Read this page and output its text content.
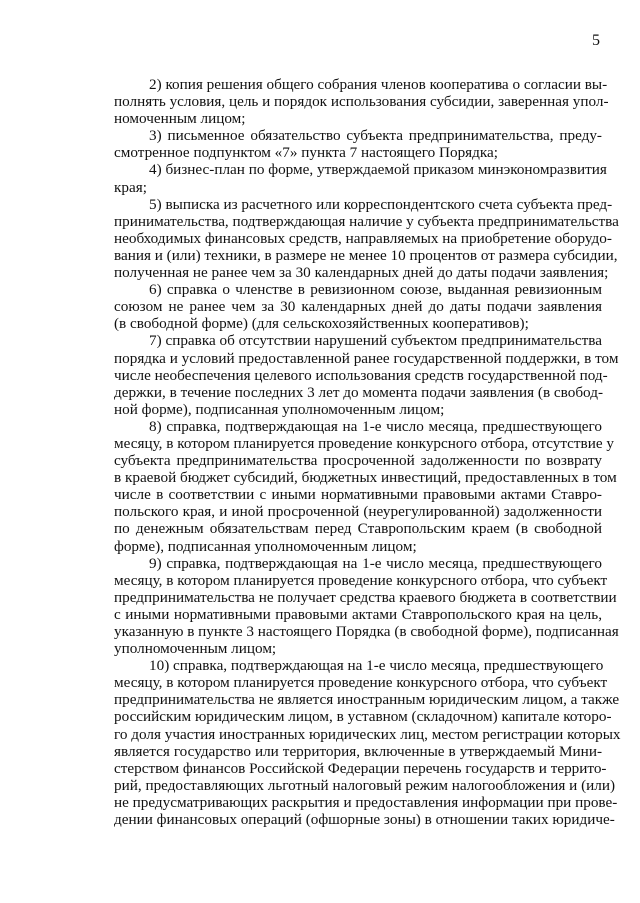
5

2) копия решения общего собрания членов кооператива о согласии вы-
полнять условия, цель и порядок использования субсидии, заверенная упол-
номоченным лицом;

3) письменное обязательство субъекта предпринимательства, преду-
смотренное подпунктом «7» пункта 7 настоящего Порядка;

4) бизнес-план по форме, утверждаемой приказом минэкономразвития
края;

5) выписка из расчетного или корреспондентского счета субъекта пред-
принимательства, подтверждающая наличие у субъекта предпринимательства
необходимых финансовых средств, направляемых на приобретение оборудо-
вания и (или) техники, в размере не менее 10 процентов от размера субсидии,
полученная не ранее чем за 30 календарных дней до даты подачи заявления;

6) справка о членстве в ревизионном союзе, выданная ревизионным
союзом не ранее чем за 30 календарных дней до даты подачи заявления
(в свободной форме) (для сельскохозяйственных кооперативов);

7) справка об отсутствии нарушений субъектом предпринимательства
порядка и условий предоставленной ранее государственной поддержки, в том
числе необеспечения целевого использования средств государственной под-
держки, в течение последних 3 лет до момента подачи заявления (в свобод-
ной форме), подписанная уполномоченным лицом;

8) справка, подтверждающая на 1-е число месяца, предшествующего
месяцу, в котором планируется проведение конкурсного отбора, отсутствие у
субъекта предпринимательства просроченной задолженности по возврату
в краевой бюджет субсидий, бюджетных инвестиций, предоставленных в том
числе в соответствии с иными нормативными правовыми актами Ставро-
польского края, и иной просроченной (неурегулированной) задолженности
по денежным обязательствам перед Ставропольским краем (в свободной
форме), подписанная уполномоченным лицом;

9) справка, подтверждающая на 1-е число месяца, предшествующего
месяцу, в котором планируется проведение конкурсного отбора, что субъект
предпринимательства не получает средства краевого бюджета в соответствии
с иными нормативными правовыми актами Ставропольского края на цель,
указанную в пункте 3 настоящего Порядка (в свободной форме), подписанная
уполномоченным лицом;

10) справка, подтверждающая на 1-е число месяца, предшествующего
месяцу, в котором планируется проведение конкурсного отбора, что субъект
предпринимательства не является иностранным юридическим лицом, а также
российским юридическим лицом, в уставном (складочном) капитале которо-
го доля участия иностранных юридических лиц, местом регистрации которых
является государство или территория, включенные в утверждаемый Мини-
стерством финансов Российской Федерации перечень государств и террито-
рий, предоставляющих льготный налоговый режим налогообложения и (или)
не предусматривающих раскрытия и предоставления информации при прове-
дении финансовых операций (офшорные зоны) в отношении таких юридиче-
